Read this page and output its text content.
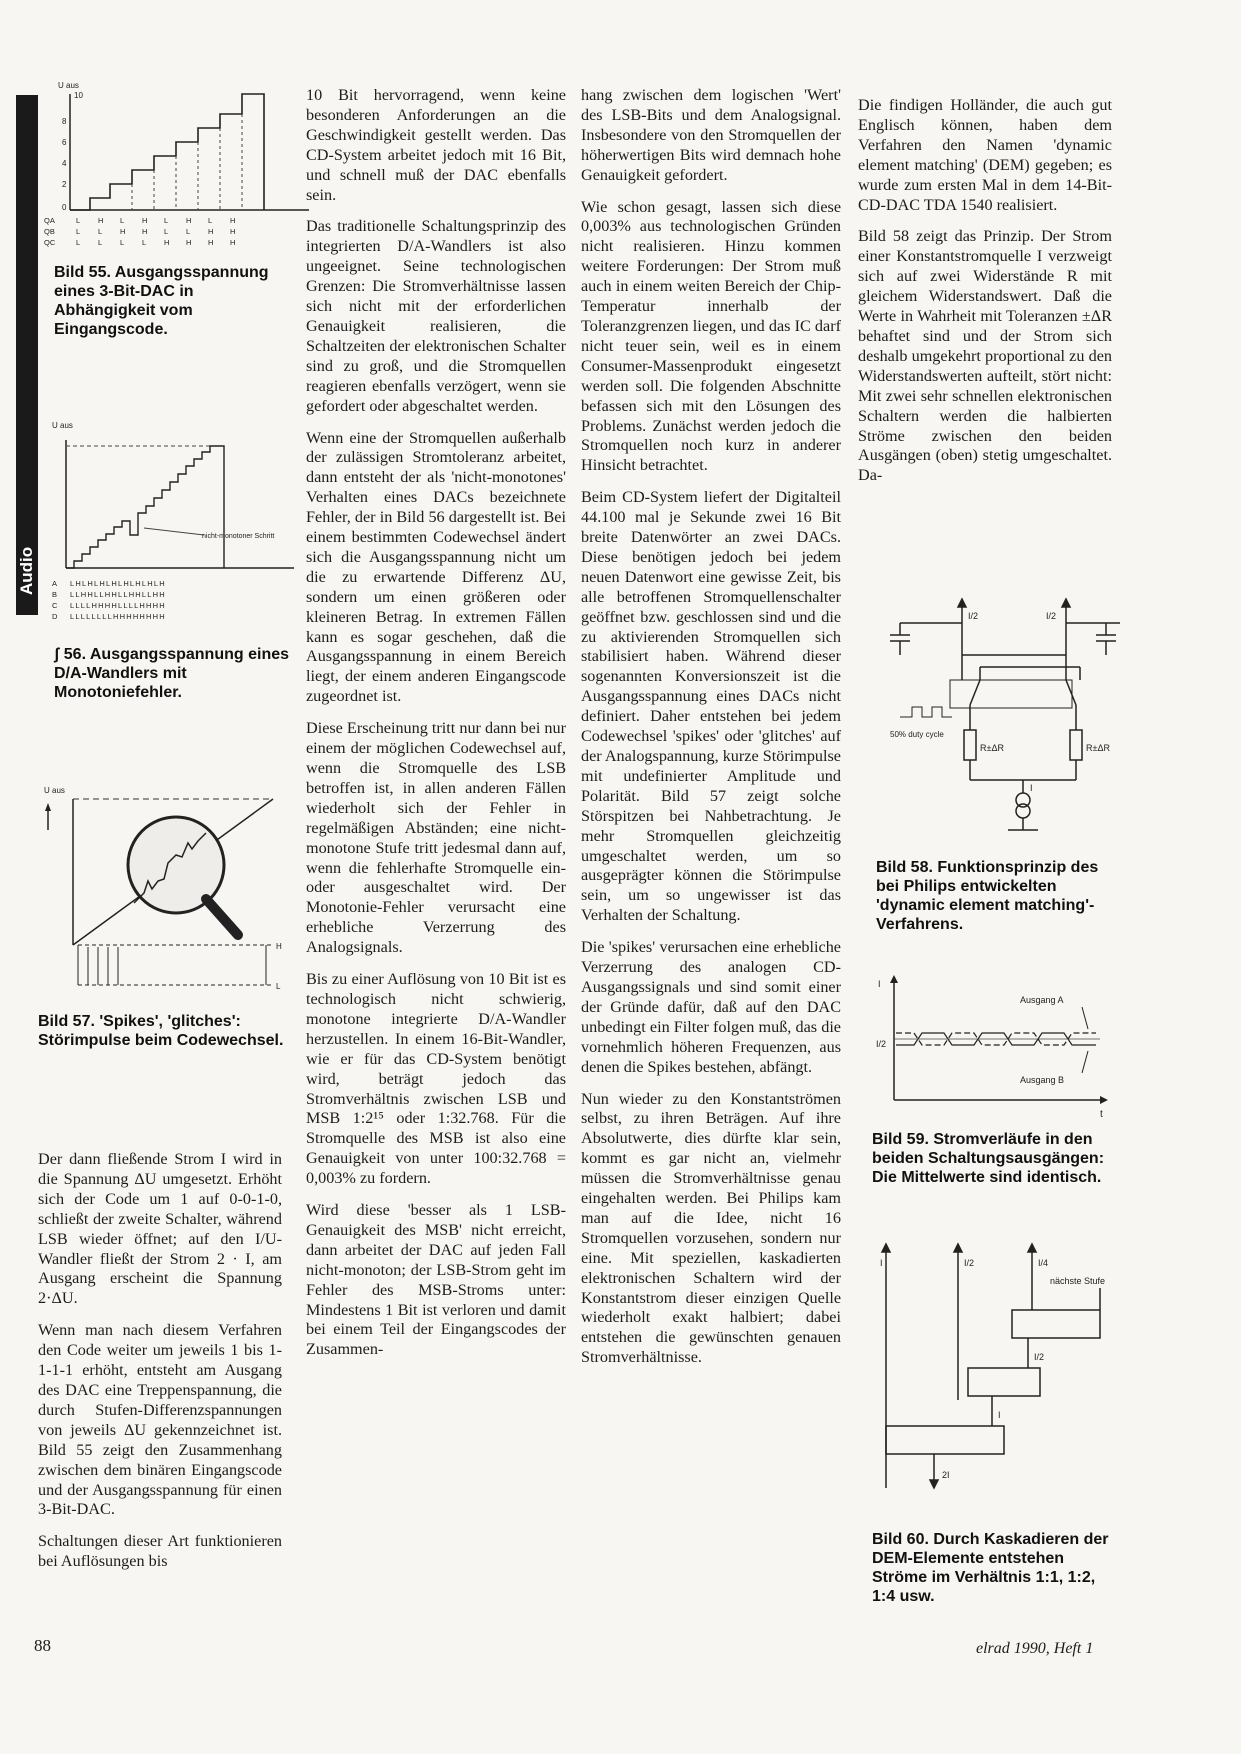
Audio
U aus
10
8
6
4
2
0
QA	L H L H L H L H
QB	L L H H L L H H
QC	L L L L H H H H
Bild 55. Ausgangsspannung eines 3-Bit-DAC in Abhängigkeit vom Eingangscode.
U aus
nicht-monotoner Schritt
A LHLHLHLHLHLHLHLH
B LLHHLLHHLLHHLLHH
C LLLLHHHHLLLLHHHH
D LLLLLLLLHHHHHHHH
ʃ 56. Ausgangsspannung eines D/A-Wandlers mit Monotoniefehler.
U aus
H
L
Bild 57. 'Spikes', 'glitches': Störimpulse beim Codewechsel.

Der dann fließende Strom I wird in die Spannung ΔU umgesetzt. Erhöht sich der Code um 1 auf 0-0-1-0, schließt der zweite Schalter, während LSB wieder öffnet; auf den I/U-Wandler fließt der Strom 2 · I, am Ausgang erscheint die Spannung 2·ΔU.

Wenn man nach diesem Verfahren den Code weiter um jeweils 1 bis 1-1-1-1 erhöht, entsteht am Ausgang des DAC eine Treppenspannung, die durch Stufen-Differenzspannungen von jeweils ΔU gekennzeichnet ist. Bild 55 zeigt den Zusammenhang zwischen dem binären Eingangscode und der Ausgangsspannung für einen 3-Bit-DAC.

Schaltungen dieser Art funktionieren bei Auflösungen bis

10 Bit hervorragend, wenn keine besonderen Anforderungen an die Geschwindigkeit gestellt werden. Das CD-System arbeitet jedoch mit 16 Bit, und schnell muß der DAC ebenfalls sein.

Das traditionelle Schaltungsprinzip des integrierten D/A-Wandlers ist also ungeeignet. Seine technologischen Grenzen: Die Stromverhältnisse lassen sich nicht mit der erforderlichen Genauigkeit realisieren, die Schaltzeiten der elektronischen Schalter sind zu groß, und die Stromquellen reagieren ebenfalls verzögert, wenn sie gefordert oder abgeschaltet werden.

Wenn eine der Stromquellen außerhalb der zulässigen Stromtoleranz arbeitet, dann entsteht der als 'nicht-monotones' Verhalten eines DACs bezeichnete Fehler, der in Bild 56 dargestellt ist. Bei einem bestimmten Codewechsel ändert sich die Ausgangsspannung nicht um die zu erwartende Differenz ΔU, sondern um einen größeren oder kleineren Betrag. In extremen Fällen kann es sogar geschehen, daß die Ausgangsspannung in einem Bereich liegt, der einem anderen Eingangscode zugeordnet ist.

Diese Erscheinung tritt nur dann bei nur einem der möglichen Codewechsel auf, wenn die Stromquelle des LSB betroffen ist, in allen anderen Fällen wiederholt sich der Fehler in regelmäßigen Abständen; eine nicht-monotone Stufe tritt jedesmal dann auf, wenn die fehlerhafte Stromquelle ein- oder ausgeschaltet wird. Der Monotonie-Fehler verursacht eine erhebliche Verzerrung des Analogsignals.

Bis zu einer Auflösung von 10 Bit ist es technologisch nicht schwierig, monotone integrierte D/A-Wandler herzustellen. In einem 16-Bit-Wandler, wie er für das CD-System benötigt wird, beträgt jedoch das Stromverhältnis zwischen LSB und MSB 1:2¹⁵ oder 1:32.768. Für die Stromquelle des MSB ist also eine Genauigkeit von unter 100:32.768 = 0,003% zu fordern.

Wird diese 'besser als 1 LSB-Genauigkeit des MSB' nicht erreicht, dann arbeitet der DAC auf jeden Fall nicht-monoton; der LSB-Strom geht im Fehler des MSB-Stroms unter: Mindestens 1 Bit ist verloren und damit bei einem Teil der Eingangscodes der Zusammen-

hang zwischen dem logischen 'Wert' des LSB-Bits und dem Analogsignal. Insbesondere von den Stromquellen der höherwertigen Bits wird demnach hohe Genauigkeit gefordert.

Wie schon gesagt, lassen sich diese 0,003% aus technologischen Gründen nicht realisieren. Hinzu kommen weitere Forderungen: Der Strom muß auch in einem weiten Bereich der Chip-Temperatur innerhalb der Toleranzgrenzen liegen, und das IC darf nicht teuer sein, weil es in einem Consumer-Massenprodukt eingesetzt werden soll. Die folgenden Abschnitte befassen sich mit den Lösungen des Problems. Zunächst werden jedoch die Stromquellen noch kurz in anderer Hinsicht betrachtet.

Beim CD-System liefert der Digitalteil 44.100 mal je Sekunde zwei 16 Bit breite Datenwörter an zwei DACs. Diese benötigen jedoch bei jedem neuen Datenwort eine gewisse Zeit, bis alle betroffenen Stromquellenschalter geöffnet bzw. geschlossen sind und die zu aktivierenden Stromquellen sich stabilisiert haben. Während dieser sogenannten Konversionszeit ist die Ausgangsspannung eines DACs nicht definiert. Daher entstehen bei jedem Codewechsel 'spikes' oder 'glitches' auf der Analogspannung, kurze Störimpulse mit undefinierter Amplitude und Polarität. Bild 57 zeigt solche Störspitzen bei Nahbetrachtung. Je mehr Stromquellen gleichzeitig umgeschaltet werden, um so ausgeprägter können die Störimpulse sein, um so ungewisser ist das Verhalten der Schaltung.

Die 'spikes' verursachen eine erhebliche Verzerrung des analogen CD-Ausgangssignals und sind somit einer der Gründe dafür, daß auf den DAC unbedingt ein Filter folgen muß, das die vornehmlich höheren Frequenzen, aus denen die Spikes bestehen, abfängt.

Nun wieder zu den Konstantströmen selbst, zu ihren Beträgen. Auf ihre Absolutwerte, dies dürfte klar sein, kommt es gar nicht an, vielmehr müssen die Stromverhältnisse genau eingehalten werden. Bei Philips kam man auf die Idee, nicht 16 Stromquellen vorzusehen, sondern nur eine. Mit speziellen, kaskadierten elektronischen Schaltern wird der Konstantstrom dieser einzigen Quelle wiederholt exakt halbiert; dabei entstehen die gewünschten genauen Stromverhältnisse.

Die findigen Holländer, die auch gut Englisch können, haben dem Verfahren den Namen 'dynamic element matching' (DEM) gegeben; es wurde zum ersten Mal in dem 14-Bit-CD-DAC TDA 1540 realisiert.

Bild 58 zeigt das Prinzip. Der Strom einer Konstantstromquelle I verzweigt sich auf zwei Widerstände R mit gleichem Widerstandswert. Daß die Werte in Wahrheit mit Toleranzen ±ΔR behaftet sind und der Strom sich deshalb umgekehrt proportional zu den Widerstandswerten aufteilt, stört nicht: Mit zwei sehr schnellen elektronischen Schaltern werden die halbierten Ströme zwischen den beiden Ausgängen (oben) stetig umgeschaltet. Da-

I/2	I/2
50% duty cycle
R±ΔR	R±ΔR
I
Bild 58. Funktionsprinzip des bei Philips entwickelten 'dynamic element matching'-Verfahrens.
I
I/2
t
Ausgang A
Ausgang B
Bild 59. Stromverläufe in den beiden Schaltungsausgängen: Die Mittelwerte sind identisch.
I	I/2	I/4
nächste Stufe
I/2
I
2I
Bild 60. Durch Kaskadieren der DEM-Elemente entstehen Ströme im Verhältnis 1:1, 1:2, 1:4 usw.
88	elrad 1990, Heft 1
